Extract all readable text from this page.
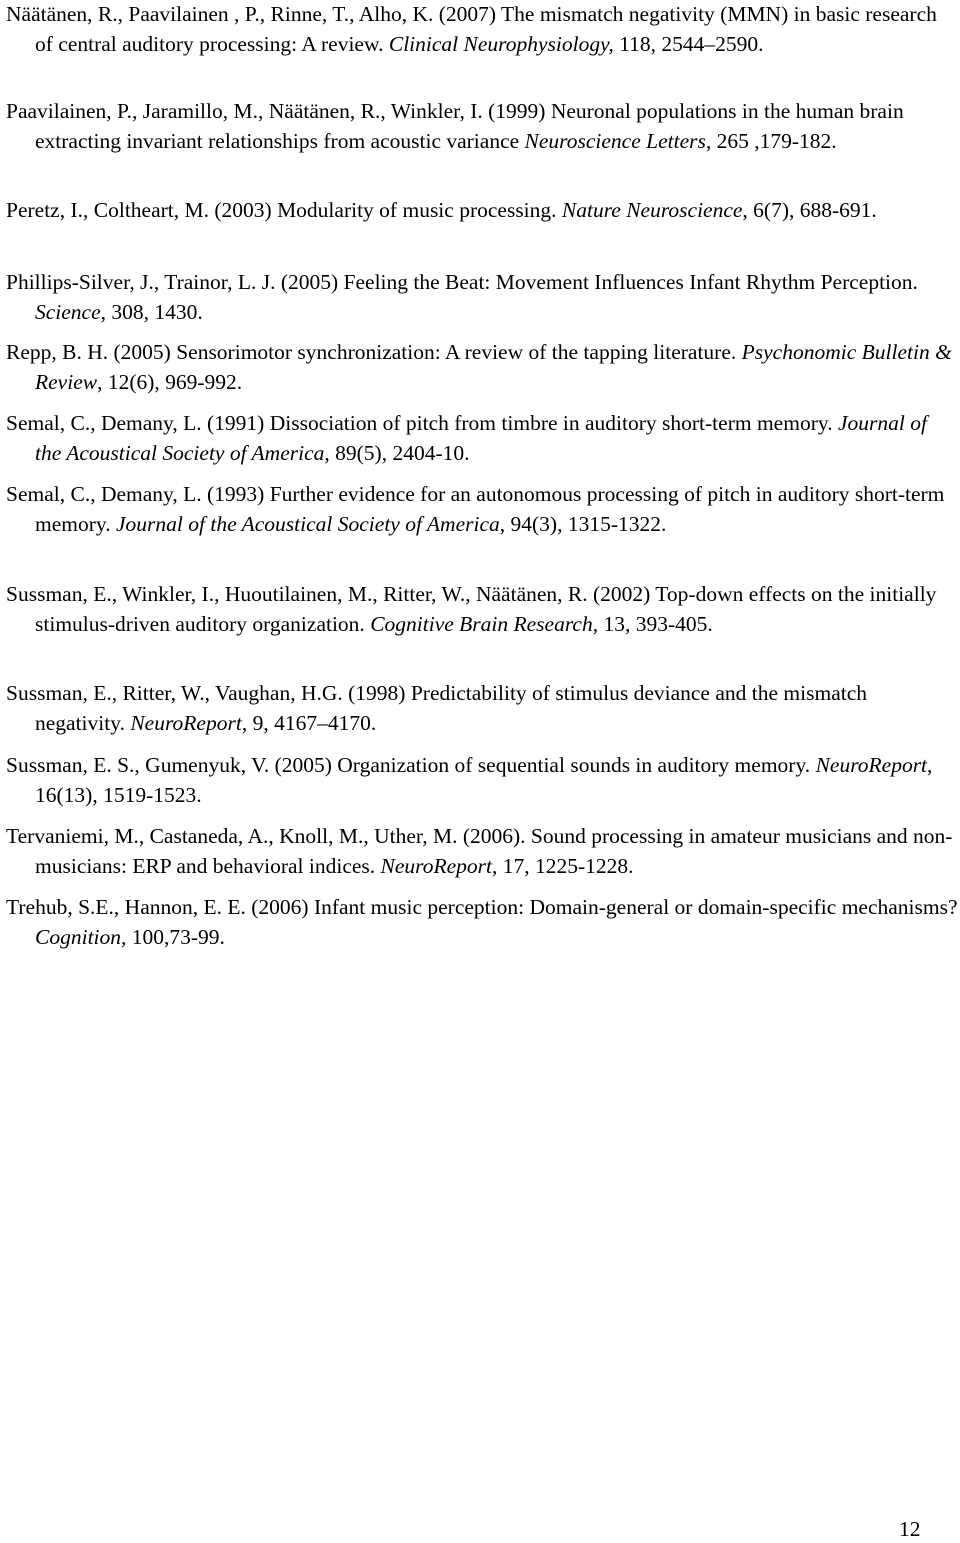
Näätänen, R., Paavilainen , P., Rinne, T., Alho, K. (2007) The mismatch negativity (MMN) in basic research of central auditory processing: A review. Clinical Neurophysiology, 118, 2544–2590.
Paavilainen, P., Jaramillo, M., Näätänen, R., Winkler, I. (1999) Neuronal populations in the human brain extracting invariant relationships from acoustic variance Neuroscience Letters, 265 ,179-182.
Peretz, I., Coltheart, M. (2003) Modularity of music processing. Nature Neuroscience, 6(7), 688-691.
Phillips-Silver, J., Trainor, L. J. (2005) Feeling the Beat: Movement Influences Infant Rhythm Perception. Science, 308, 1430.
Repp, B. H. (2005) Sensorimotor synchronization: A review of the tapping literature. Psychonomic Bulletin & Review, 12(6), 969-992.
Semal, C., Demany, L. (1991) Dissociation of pitch from timbre in auditory short-term memory. Journal of the Acoustical Society of America, 89(5), 2404-10.
Semal, C., Demany, L. (1993) Further evidence for an autonomous processing of pitch in auditory short-term memory. Journal of the Acoustical Society of America, 94(3), 1315-1322.
Sussman, E., Winkler, I., Huoutilainen, M., Ritter, W., Näätänen, R. (2002) Top-down effects on the initially stimulus-driven auditory organization. Cognitive Brain Research, 13, 393-405.
Sussman, E., Ritter, W., Vaughan, H.G. (1998) Predictability of stimulus deviance and the mismatch negativity. NeuroReport, 9, 4167–4170.
Sussman, E. S., Gumenyuk, V. (2005) Organization of sequential sounds in auditory memory. NeuroReport, 16(13), 1519-1523.
Tervaniemi, M., Castaneda, A., Knoll, M., Uther, M. (2006). Sound processing in amateur musicians and non-musicians: ERP and behavioral indices. NeuroReport, 17, 1225-1228.
Trehub, S.E., Hannon, E. E. (2006) Infant music perception: Domain-general or domain-specific mechanisms? Cognition, 100,73-99.
12
